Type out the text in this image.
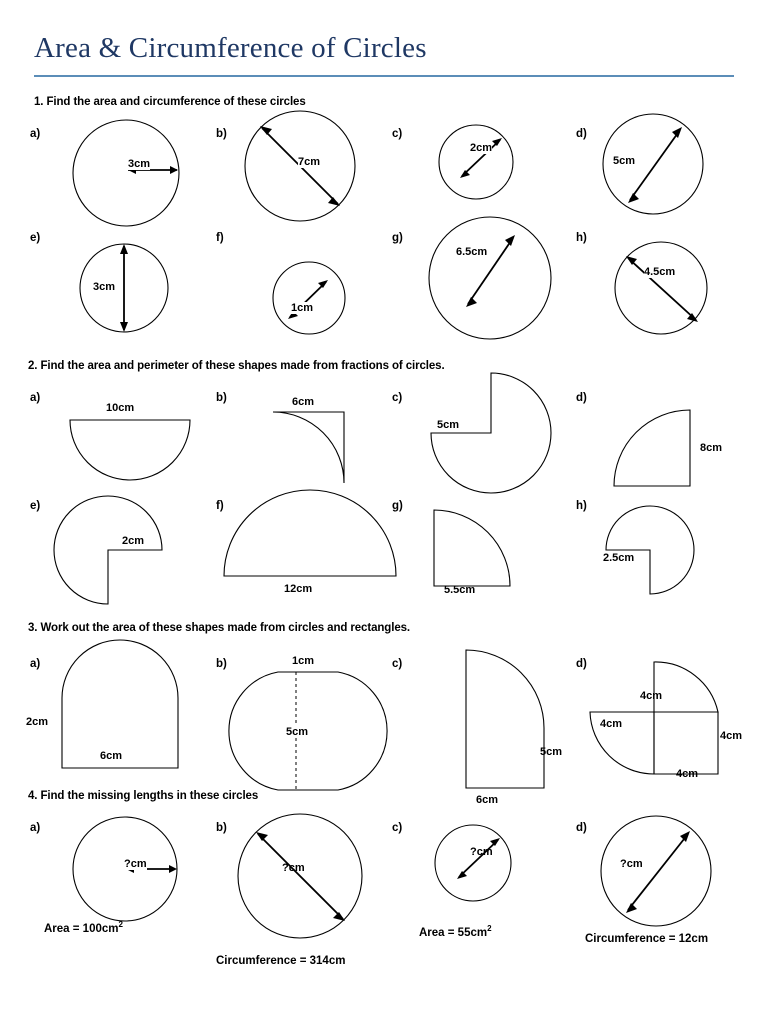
Area & Circumference of Circles
1. Find the area and circumference of these circles
a)
3cm
b)
7cm
c)
2cm
d)
5cm
e)
3cm
f)
1cm
g)
6.5cm
h)
4.5cm
2. Find the area and perimeter of these shapes made from fractions of circles.
a)
10cm
b)	6cm	c)
5cm
d)
8cm
e)
2cm
f)
12cm
g)
5.5cm
h)
2.5cm
3. Work out the area of these shapes made from circles and rectangles.
a)
2cm
6cm
b)	1cm
5cm
c)
5cm
6cm
d)
4cm
4cm
4cm
4. Find the missing lengths in these circles
a)
?cm
Area = $100cm^2$
b)
?cm
Circumference = 314cm
c)
?cm
Area = $55cm^2$
d)
?cm
Circumference = 12cm
4cm
